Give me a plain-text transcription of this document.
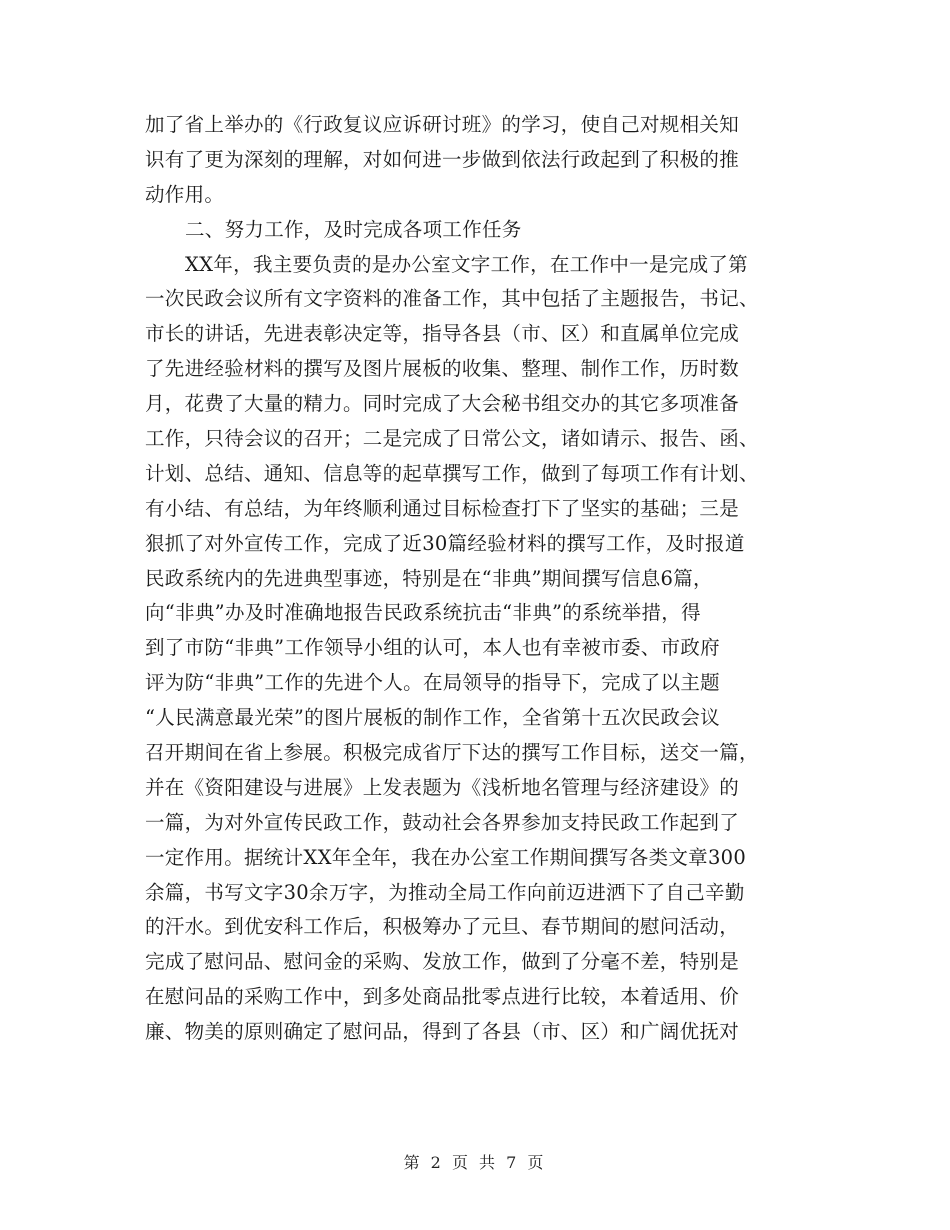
加了省上举办的《行政复议应诉研讨班》的学习，使自己对规相关知
识有了更为深刻的理解，对如何进一步做到依法行政起到了积极的推
动作用。
二、努力工作，及时完成各项工作任务
XX年，我主要负责的是办公室文字工作，在工作中一是完成了第
一次民政会议所有文字资料的准备工作，其中包括了主题报告，书记、
市长的讲话，先进表彰决定等，指导各县（市、区）和直属单位完成
了先进经验材料的撰写及图片展板的收集、整理、制作工作，历时数
月，花费了大量的精力。同时完成了大会秘书组交办的其它多项准备
工作，只待会议的召开；二是完成了日常公文，诸如请示、报告、函、
计划、总结、通知、信息等的起草撰写工作，做到了每项工作有计划、
有小结、有总结，为年终顺利通过目标检查打下了坚实的基础；三是
狠抓了对外宣传工作，完成了近30篇经验材料的撰写工作，及时报道
民政系统内的先进典型事迹，特别是在“非典”期间撰写信息6篇，
向“非典”办及时准确地报告民政系统抗击“非典”的系统举措，得
到了市防“非典”工作领导小组的认可，本人也有幸被市委、市政府
评为防“非典”工作的先进个人。在局领导的指导下，完成了以主题
“人民满意最光荣”的图片展板的制作工作，全省第十五次民政会议
召开期间在省上参展。积极完成省厅下达的撰写工作目标，送交一篇，
并在《资阳建设与进展》上发表题为《浅析地名管理与经济建设》的
一篇，为对外宣传民政工作，鼓动社会各界参加支持民政工作起到了
一定作用。据统计XX年全年，我在办公室工作期间撰写各类文章300
余篇，书写文字30余万字，为推动全局工作向前迈进洒下了自己辛勤
的汗水。到优安科工作后，积极筹办了元旦、春节期间的慰问活动，
完成了慰问品、慰问金的采购、发放工作，做到了分毫不差，特别是
在慰问品的采购工作中，到多处商品批零点进行比较，本着适用、价
廉、物美的原则确定了慰问品，得到了各县（市、区）和广阔优抚对
第 2 页 共 7 页
